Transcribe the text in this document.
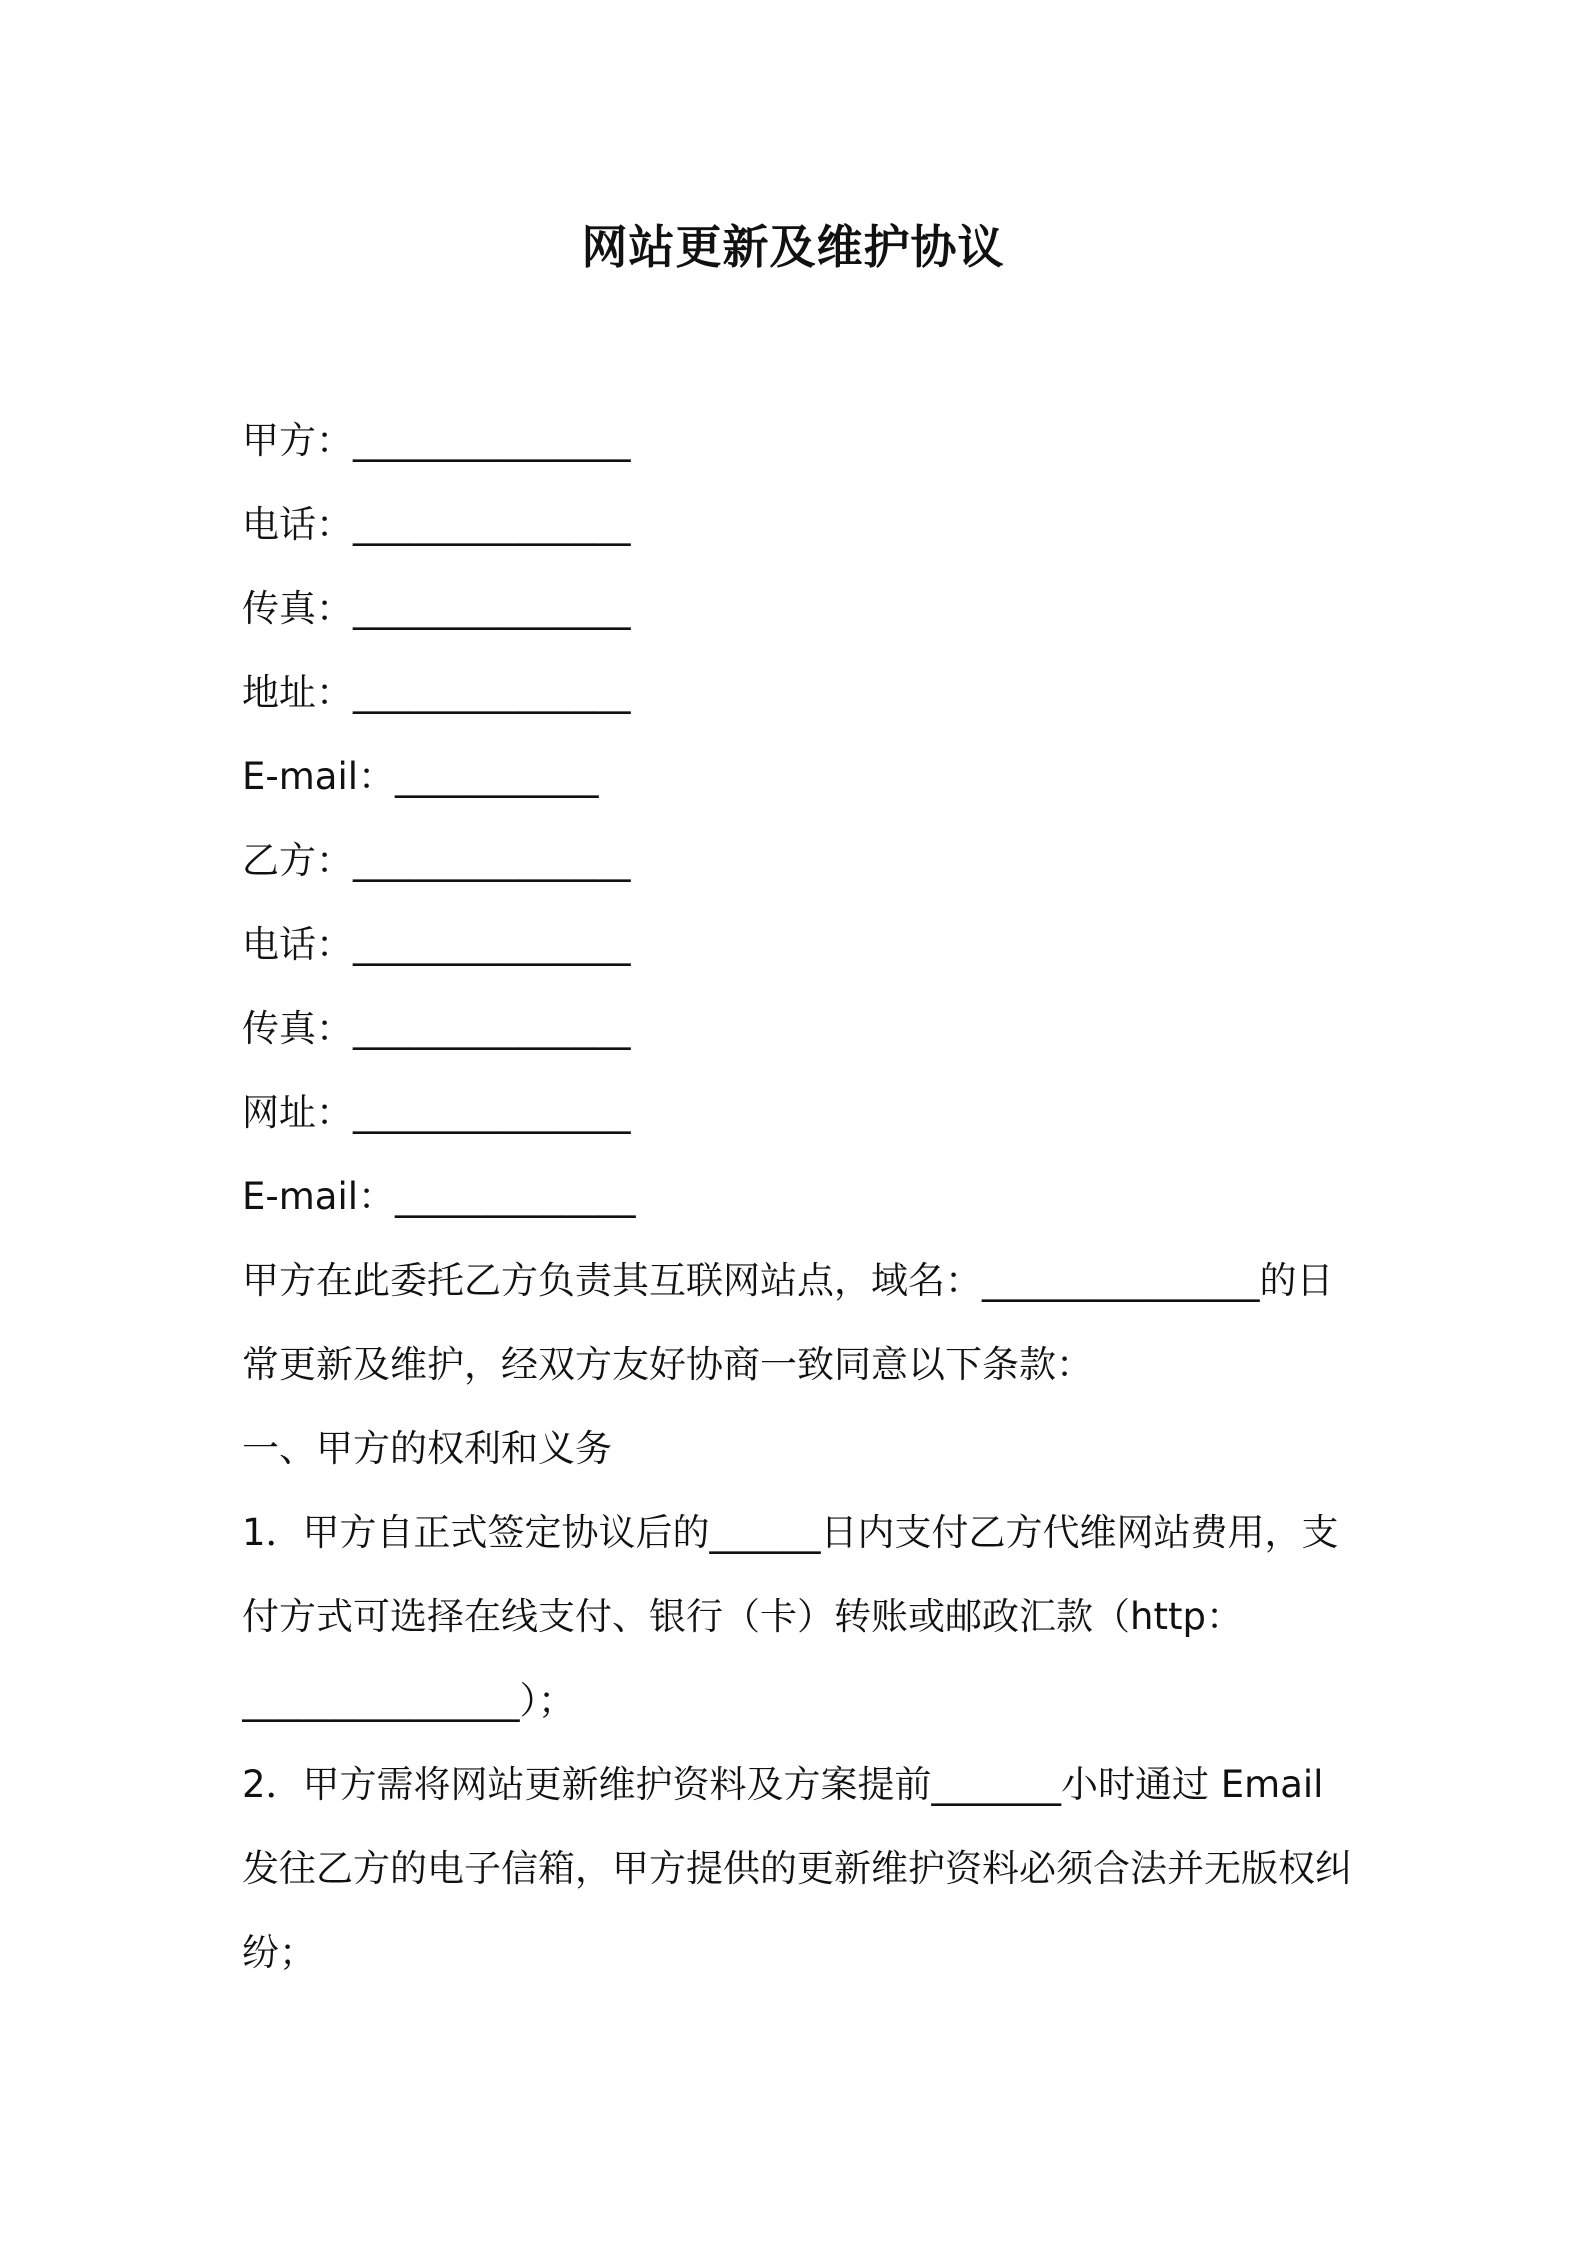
网站更新及维护协议
甲方：_______________
电话：_______________
传真：_______________
地址：_______________
E-mail：___________
乙方：_______________
电话：_______________
传真：_______________
网址：_______________
E-mail：_____________
甲方在此委托乙方负责其互联网站点，域名：_______________的日
常更新及维护，经双方友好协商一致同意以下条款：
一、甲方的权利和义务
1．甲方自正式签定协议后的______日内支付乙方代维网站费用，支
付方式可选择在线支付、银行（卡）转账或邮政汇款（http：
_______________）；
2．甲方需将网站更新维护资料及方案提前_______小时通过 Email
发往乙方的电子信箱，甲方提供的更新维护资料必须合法并无版权纠
纷；
